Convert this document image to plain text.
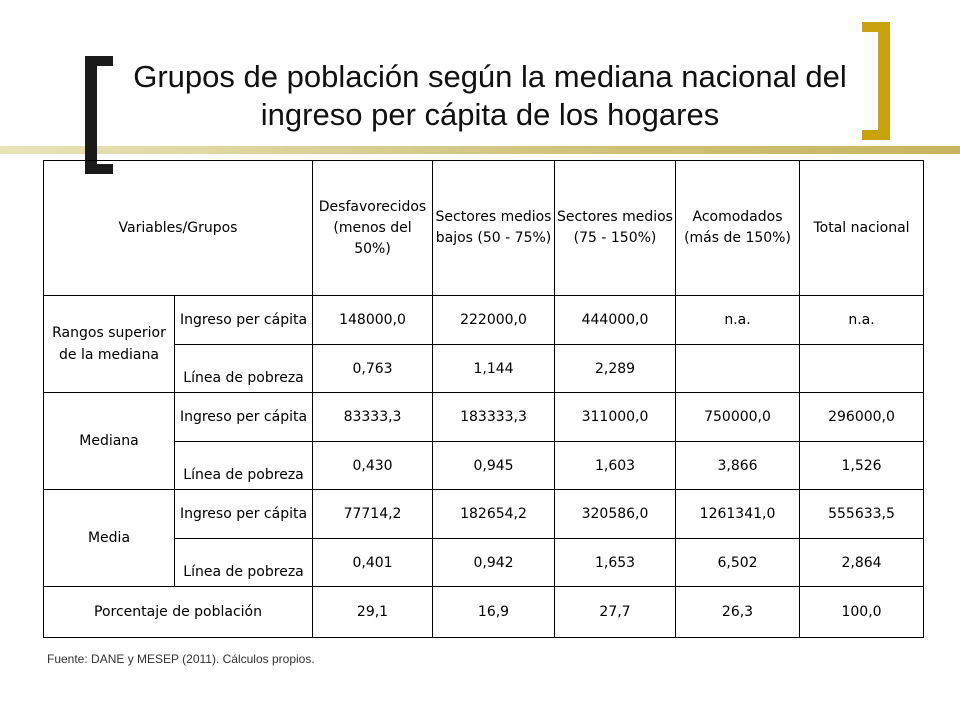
Grupos de población según la mediana nacional del ingreso per cápita de los hogares
Variables/Grupos		Desfavorecidos (menos del 50%)	Sectores medios bajos (50 - 75%)	Sectores medios (75 - 150%)	Acomodados (más de 150%)	Total nacional
Rangos superior de la mediana	Ingreso per cápita	148000,0	222000,0	444000,0	n.a.	n.a.
	Línea de pobreza	0,763	1,144	2,289		
Mediana	Ingreso per cápita	83333,3	183333,3	311000,0	750000,0	296000,0
	Línea de pobreza	0,430	0,945	1,603	3,866	1,526
Media	Ingreso per cápita	77714,2	182654,2	320586,0	1261341,0	555633,5
	Línea de pobreza	0,401	0,942	1,653	6,502	2,864
Porcentaje de población		29,1	16,9	27,7	26,3	100,0
Fuente: DANE y MESEP (2011). Cálculos propios.
